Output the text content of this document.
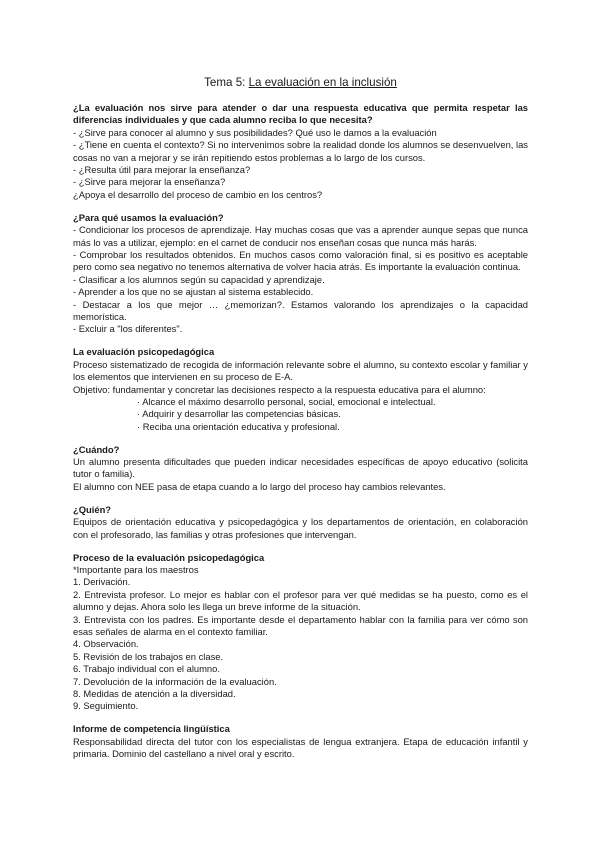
Tema 5: La evaluación en la inclusión
¿La evaluación nos sirve para atender o dar una respuesta educativa que permita respetar las diferencias individuales y que cada alumno reciba lo que necesita?
- ¿Sirve para conocer al alumno y sus posibilidades? Qué uso le damos a la evaluación
- ¿Tiene en cuenta el contexto? Si no intervenimos sobre la realidad donde los alumnos se desenvuelven, las cosas no van a mejorar y se irán repitiendo estos problemas a lo largo de los cursos.
- ¿Resulta útil para mejorar la enseñanza?
- ¿Sirve para mejorar la enseñanza?
¿Apoya el desarrollo del proceso de cambio en los centros?
¿Para qué usamos la evaluación?
- Condicionar los procesos de aprendizaje. Hay muchas cosas que vas a aprender aunque sepas que nunca más lo vas a utilizar, ejemplo: en el carnet de conducir nos enseñan cosas que nunca más harás.
- Comprobar los resultados obtenidos. En muchos casos como valoración final, si es positivo es aceptable pero como sea negativo no tenemos alternativa de volver hacia atrás. Es importante la evaluación continua.
- Clasificar a los alumnos según su capacidad y aprendizaje.
- Aprender a los que no se ajustan al sistema establecido.
- Destacar a los que mejor … ¿memorizan?. Estamos valorando los aprendizajes o la capacidad memorística.
- Excluir a "los diferentes".
La evaluación psicopedagógica
Proceso sistematizado de recogida de información relevante sobre el alumno, su contexto escolar y familiar y los elementos que intervienen en su proceso de E-A.
Objetivo: fundamentar y concretar las decisiones respecto a la respuesta educativa para el alumno:
· Alcance el máximo desarrollo personal, social, emocional e intelectual.
· Adquirir y desarrollar las competencias básicas.
· Reciba una orientación educativa y profesional.
¿Cuándo?
Un alumno presenta dificultades que pueden indicar necesidades específicas de apoyo educativo (solicita tutor o familia).
El alumno con NEE pasa de etapa cuando a lo largo del proceso hay cambios relevantes.
¿Quién?
Equipos de orientación educativa y psicopedagógica y los departamentos de orientación, en colaboración con el profesorado, las familias y otras profesiones que intervengan.
Proceso de la evaluación psicopedagógica
*Importante para los maestros
1. Derivación.
2. Entrevista profesor. Lo mejor es hablar con el profesor para ver qué medidas se ha puesto, como es el alumno y dejas. Ahora solo les llega un breve informe de la situación.
3. Entrevista con los padres. Es importante desde el departamento hablar con la familia para ver cómo son esas señales de alarma en el contexto familiar.
4. Observación.
5. Revisión de los trabajos en clase.
6. Trabajo individual con el alumno.
7. Devolución de la información de la evaluación.
8. Medidas de atención a la diversidad.
9. Seguimiento.
Informe de competencia lingüística
Responsabilidad directa del tutor con los especialistas de lengua extranjera. Etapa de educación infantil y primaria. Dominio del castellano a nivel oral y escrito.
